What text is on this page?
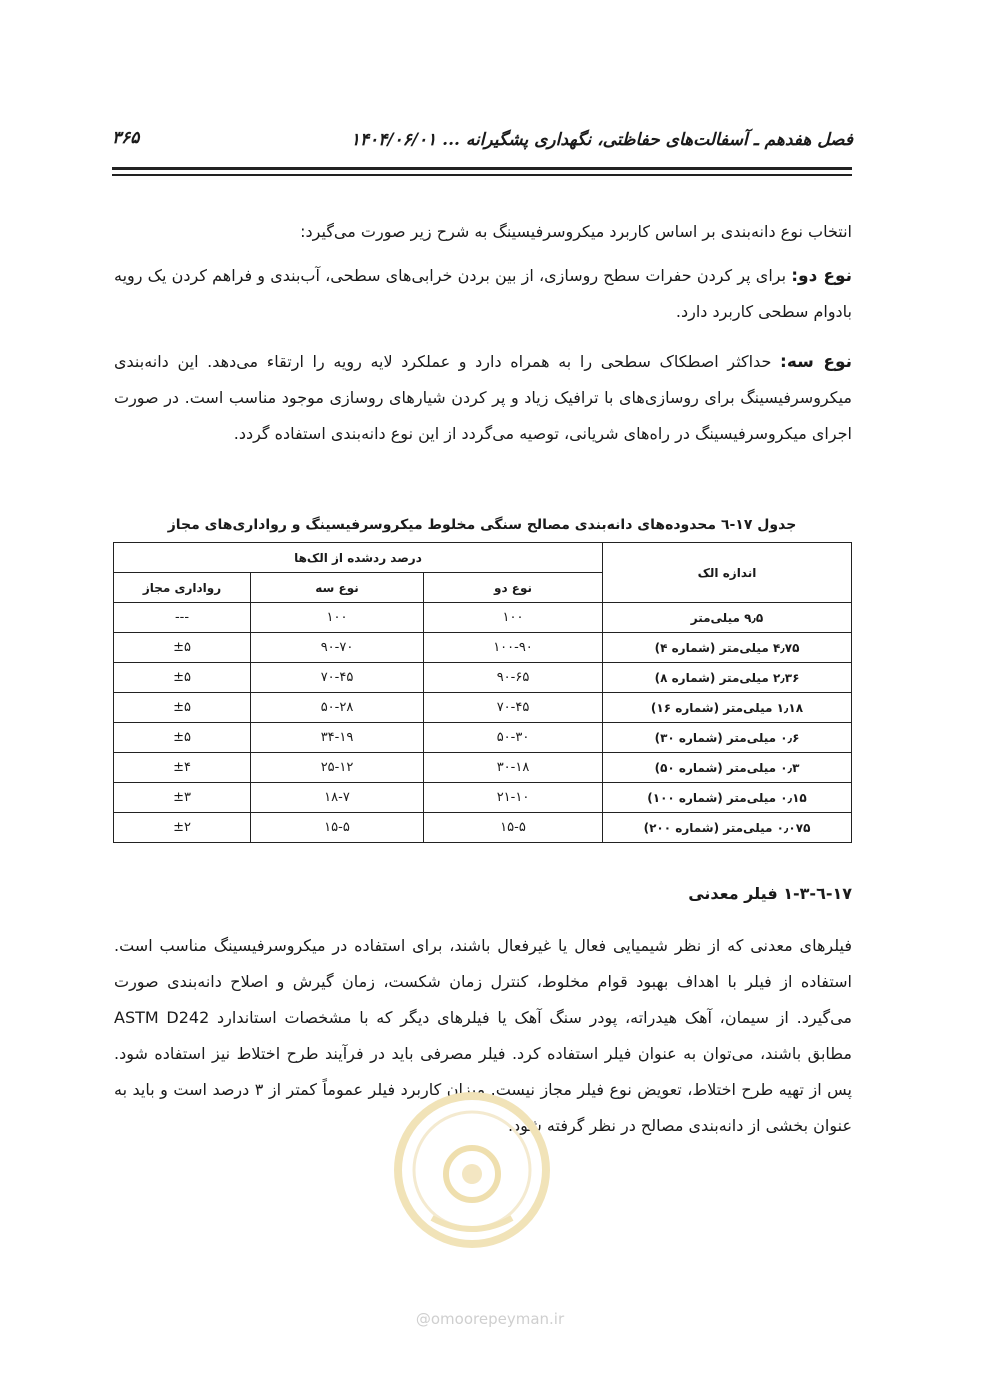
فصل هفدهم ـ آسفالت‌های حفاظتی، نگهداری پشگیرانه ... ۱۴۰۴/۰۶/۰۱
۳۶۵
انتخاب نوع دانه‌بندی بر اساس کاربرد میکروسرفیسینگ به شرح زیر صورت می‌گیرد:
نوع دو: برای پر کردن حفرات سطح روسازی، از بین بردن خرابی‌های سطحی، آب‌بندی و فراهم کردن یک رویه بادوام سطحی کاربرد دارد.
نوع سه: حداکثر اصطکاک سطحی را به همراه دارد و عملکرد لایه رویه را ارتقاء می‌دهد. این دانه‌بندی میکروسرفیسینگ برای روسازی‌های با ترافیک زیاد و پر کردن شیارهای روسازی موجود مناسب است. در صورت اجرای میکروسرفیسینگ در راه‌های شریانی، توصیه می‌گردد از این نوع دانه‌بندی استفاده گردد.
جدول ۱۷-٦ محدوده‌های دانه‌بندی مصالح سنگی مخلوط میکروسرفیسینگ و رواداری‌های مجاز
اندازه الک	درصد ردشده از الک‌ها		
	نوع دو	نوع سه	رواداری مجاز
۹٫۵ میلی‌متر	۱۰۰	۱۰۰	---
۴٫۷۵ میلی‌متر (شماره ۴)	۱۰۰-۹۰	۹۰-۷۰	±۵
۲٫۳۶ میلی‌متر (شماره ۸)	۹۰-۶۵	۷۰-۴۵	±۵
۱٫۱۸ میلی‌متر (شماره ۱۶)	۷۰-۴۵	۵۰-۲۸	±۵
۰٫۶ میلی‌متر (شماره ۳۰)	۵۰-۳۰	۳۴-۱۹	±۵
۰٫۳ میلی‌متر (شماره ۵۰)	۳۰-۱۸	۲۵-۱۲	±۴
۰٫۱۵ میلی‌متر (شماره ۱۰۰)	۲۱-۱۰	۱۸-۷	±۳
۰٫۰۷۵ میلی‌متر (شماره ۲۰۰)	۱۵-۵	۱۵-۵	±۲
۱۷-٦-۱-۳ فیلر معدنی
فیلرهای معدنی که از نظر شیمیایی فعال یا غیرفعال باشند، برای استفاده در میکروسرفیسینگ مناسب است. استفاده از فیلر با اهداف بهبود قوام مخلوط، کنترل زمان شکست، زمان گیرش و اصلاح دانه‌بندی صورت می‌گیرد. از سیمان، آهک هیدراته، پودر سنگ آهک یا فیلرهای دیگر که با مشخصات استاندارد ASTM D242 مطابق باشند، می‌توان به عنوان فیلر استفاده کرد. فیلر مصرفی باید در فرآیند طرح اختلاط نیز استفاده شود. پس از تهیه طرح اختلاط، تعویض نوع فیلر مجاز نیست. میزان کاربرد فیلر عموماً کمتر از ۳ درصد است و باید به عنوان بخشی از دانه‌بندی مصالح در نظر گرفته شود.
@omoorepeyman.ir
